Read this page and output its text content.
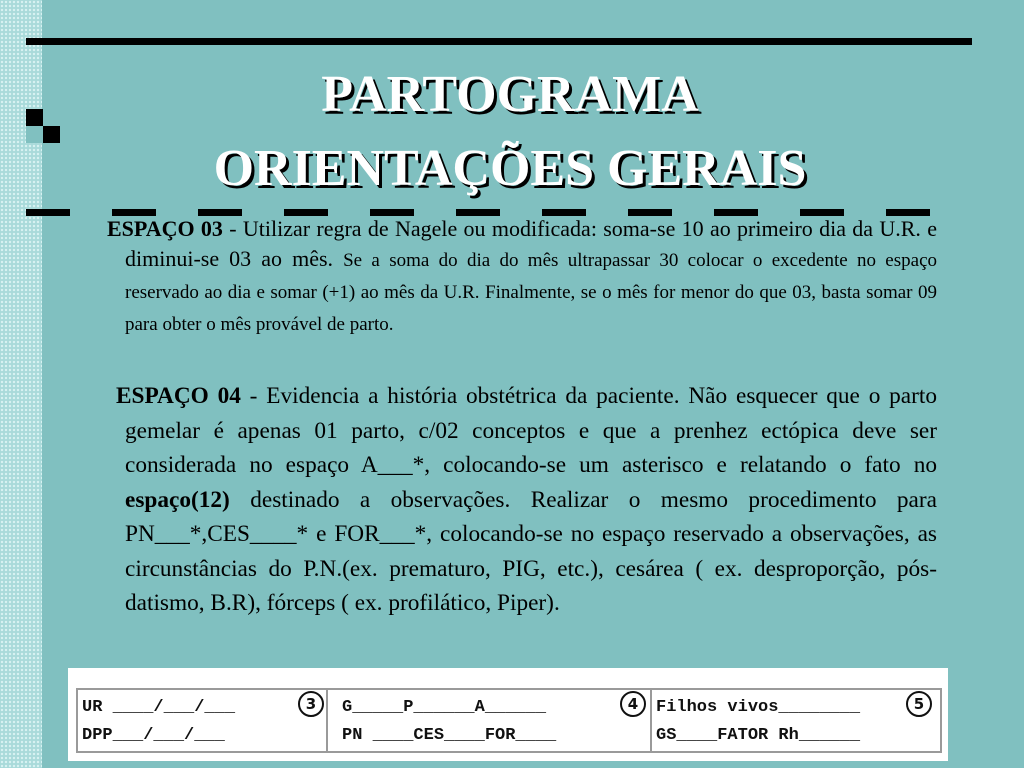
PARTOGRAMA
ORIENTAÇÕES GERAIS

ESPAÇO 03 - Utilizar regra de Nagele ou modificada: soma-se 10 ao primeiro dia da U.R. e diminui-se 03 ao mês. Se a soma do dia do mês ultrapassar 30 colocar o excedente no espaço reservado ao dia e somar (+1) ao mês da U.R. Finalmente, se o mês for menor do que 03, basta somar 09 para obter o mês provável de parto.

ESPAÇO 04 - Evidencia a história obstétrica da paciente. Não esquecer que o parto gemelar é apenas 01 parto, c/02 conceptos e que a prenhez ectópica deve ser considerada no espaço A___*, colocando-se um asterisco e relatando o fato no espaço(12) destinado a observações. Realizar o mesmo procedimento para PN___*,CES____* e FOR___*, colocando-se no espaço reservado a observações, as circunstâncias do P.N.(ex. prematuro, PIG, etc.), cesárea ( ex. desproporção, pós-datismo, B.R), fórceps ( ex. profilático, Piper).

UR ____/___/___
DPP___/___/___
3	G_____P______A______
PN ____CES____FOR____
4	Filhos vivos________
GS____FATOR Rh______
5
